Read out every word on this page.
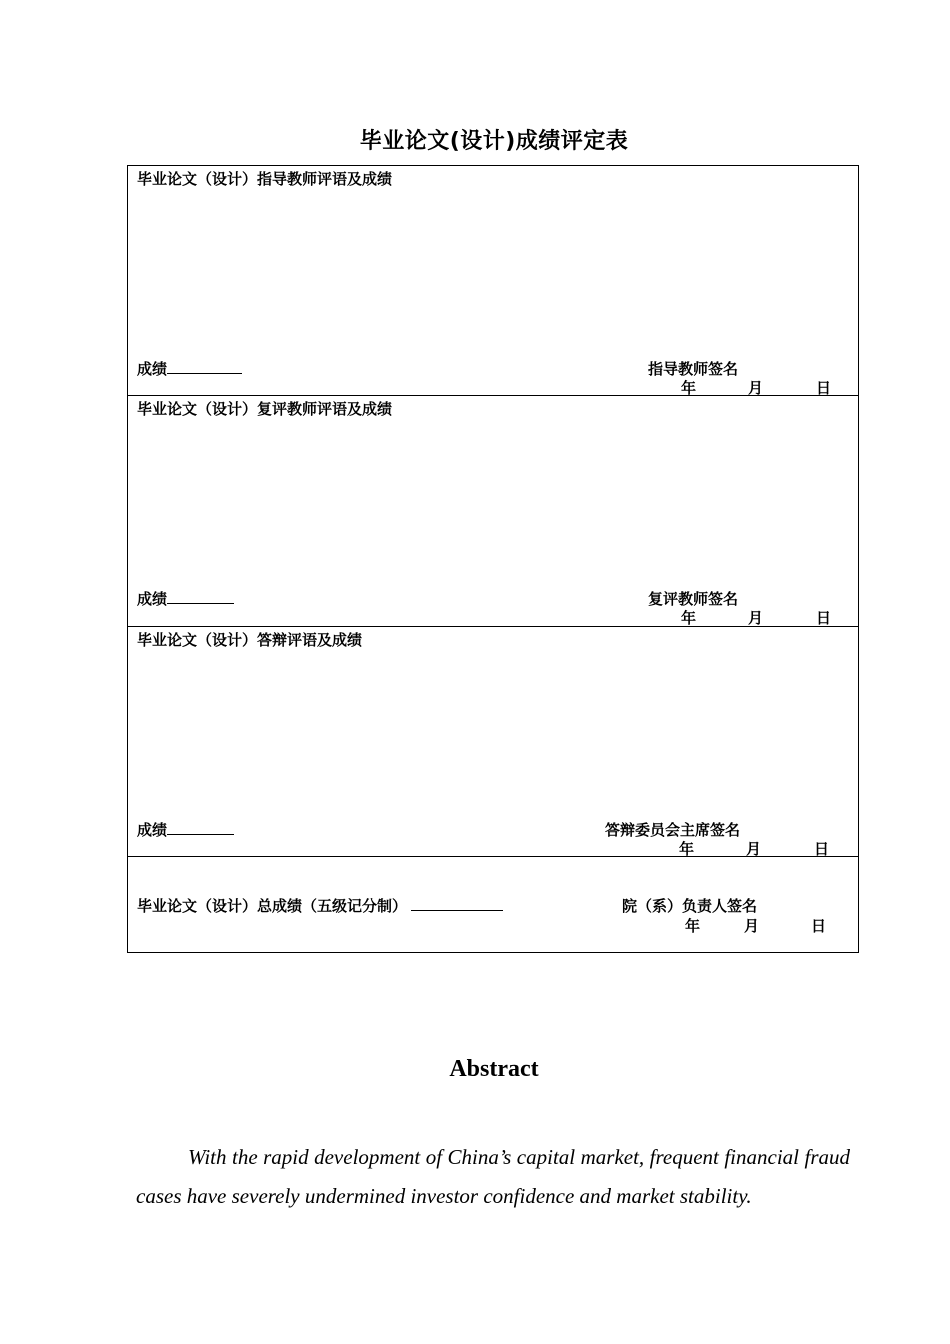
毕业论文(设计)成绩评定表
毕业论文（设计）指导教师评语及成绩
成绩	指导教师签名
年	月	日
毕业论文（设计）复评教师评语及成绩
成绩	复评教师签名
年	月	日
毕业论文（设计）答辩评语及成绩
成绩	答辩委员会主席签名
年	月	日
毕业论文（设计）总成绩（五级记分制）	院（系）负责人签名
年	月	日
Abstract
With the rapid development of China’s capital market, frequent financial fraud cases have severely undermined investor confidence and market stability.
